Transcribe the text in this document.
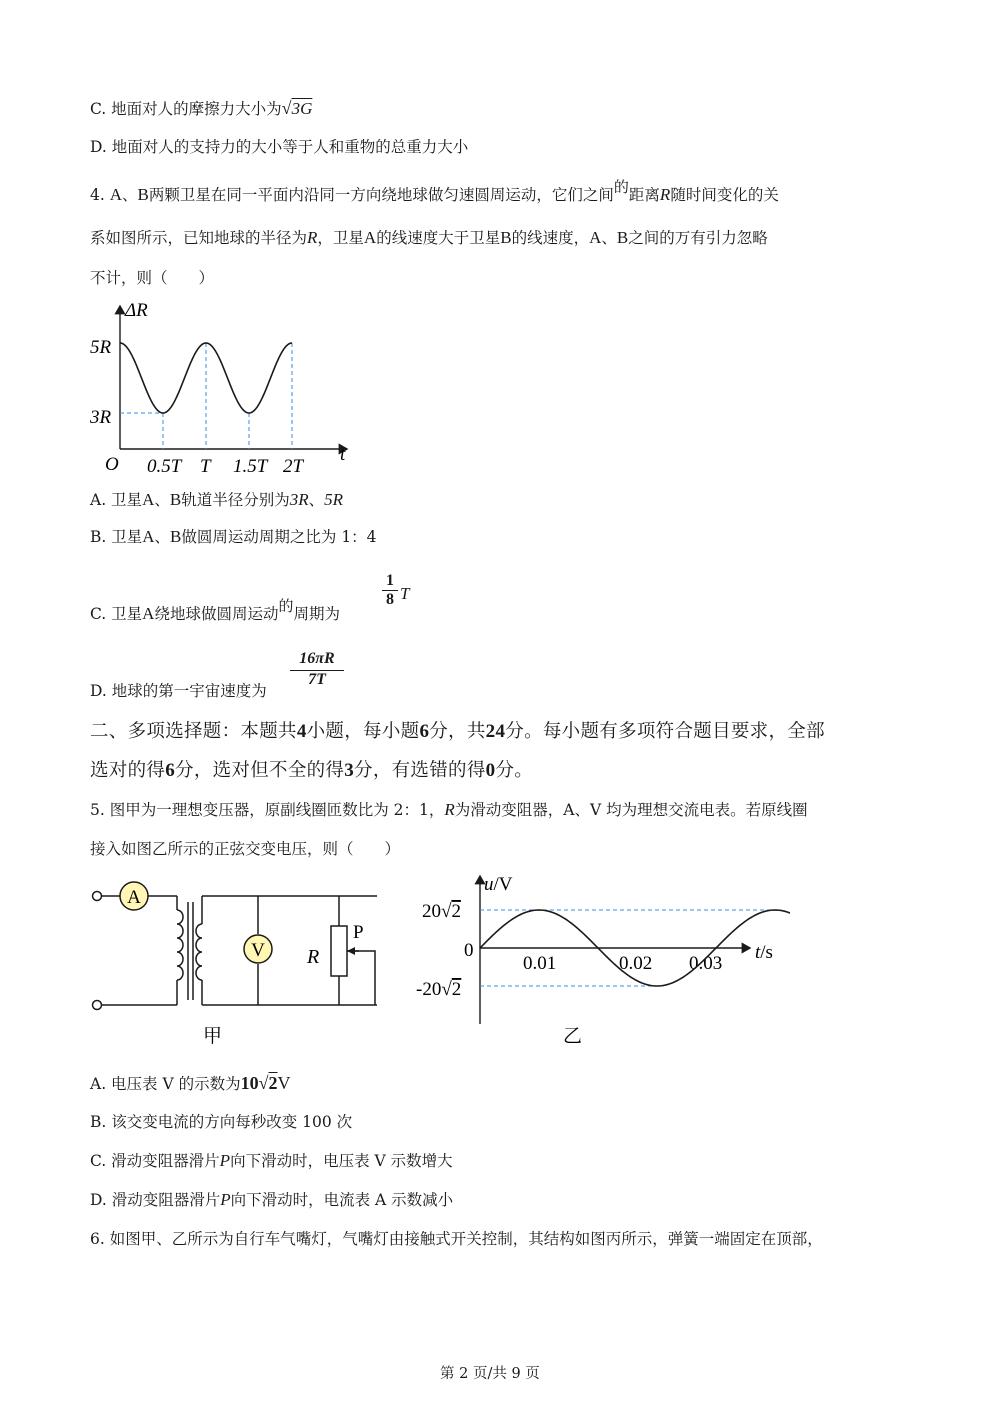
C. 地面对人的摩擦力大小为√3G
D. 地面对人的支持力的大小等于人和重物的总重力大小
4. A、B两颗卫星在同一平面内沿同一方向绕地球做匀速圆周运动，它们之间的距离R随时间变化的关
系如图所示，已知地球的半径为R，卫星A的线速度大于卫星B的线速度，A、B之间的万有引力忽略
不计，则（　　）
ΔR
t
O
3R
5R
0.5T T 1.5T 2T
A. 卫星A、B轨道半径分别为3R、5R
B. 卫星A、B做圆周运动周期之比为 1：4
C. 卫星A绕地球做圆周运动的周期为
1
8 T
D. 地球的第一宇宙速度为
16πR
7T
二、多项选择题：本题共4小题，每小题6分，共24分。每小题有多项符合题目要求，全部
选对的得6分，选对但不全的得3分，有选错的得0分。
5. 图甲为一理想变压器，原副线圈匝数比为 2：1，R为滑动变阻器，A、V 均为理想交流电表。若原线圈
接入如图乙所示的正弦交变电压，则（　　）
A
V R
P
甲
u/V
t/s
20√2
0
-20√2
0.01	0.02 0.03
乙
A. 电压表 V 的示数为10√2V
B. 该交变电流的方向每秒改变 100 次
C. 滑动变阻器滑片P向下滑动时，电压表 V 示数增大
D. 滑动变阻器滑片P向下滑动时，电流表 A 示数减小
6. 如图甲、乙所示为自行车气嘴灯，气嘴灯由接触式开关控制，其结构如图丙所示，弹簧一端固定在顶部，
第 2 页/共 9 页
